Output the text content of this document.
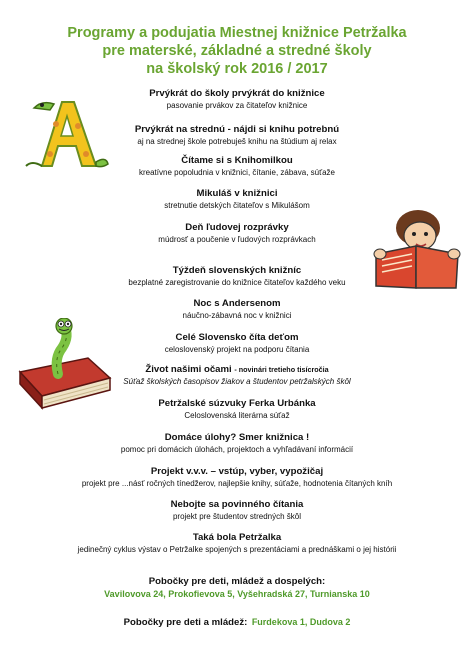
Programy a podujatia Miestnej knižnice Petržalka
pre materské, základné a stredné školy
na školský rok 2016 / 2017
Prvýkrát do školy prvýkrát do knižnice
pasovanie prvákov za čitateľov knižnice
Prvýkrát na strednú - nájdi si knihu potrebnú
aj na strednej škole potrebuješ knihu na štúdium aj relax
Čítame si s Knihomilkou
kreatívne popoludnia v knižnici, čítanie, zábava, súťaže
Mikuláš v knižnici
stretnutie detských čitateľov s Mikulášom
Deň ľudovej rozprávky
múdrosť a poučenie v ľudových rozprávkach
Týždeň slovenských knižníc
bezplatné zaregistrovanie do knižnice čitateľov každého veku
Noc s Andersenom
náučno-zábavná noc v knižnici
Celé Slovensko číta deťom
celoslovenský projekt na podporu čítania
Život našimi očami - novinári tretieho tisícročia
Súťaž školských časopisov žiakov a študentov petržalských škôl
Petržalské súzvuky Ferka Urbánka
Celoslovenská literárna súťaž
Domáce úlohy? Smer knižnica !
pomoc pri domácich úlohách, projektoch a vyhľadávaní informácií
Projekt v.v.v. – vstúp, vyber, vypožičaj
projekt pre ...násť ročných tínedžerov, najlepšie knihy, súťaže, hodnotenia čítaných kníh
Nebojte sa povinného čítania
projekt pre študentov stredných škôl
Taká bola Petržalka
jedinečný cyklus výstav o Petržalke spojených s prezentáciami a prednáškami o jej histórii
Pobočky pre deti, mládež a dospelých:
Vavilovova 24, Prokofievova 5, Vyšehradská 27, Turnianska 10
Pobočky pre deti a mládež: Furdekova 1, Dudova 2
